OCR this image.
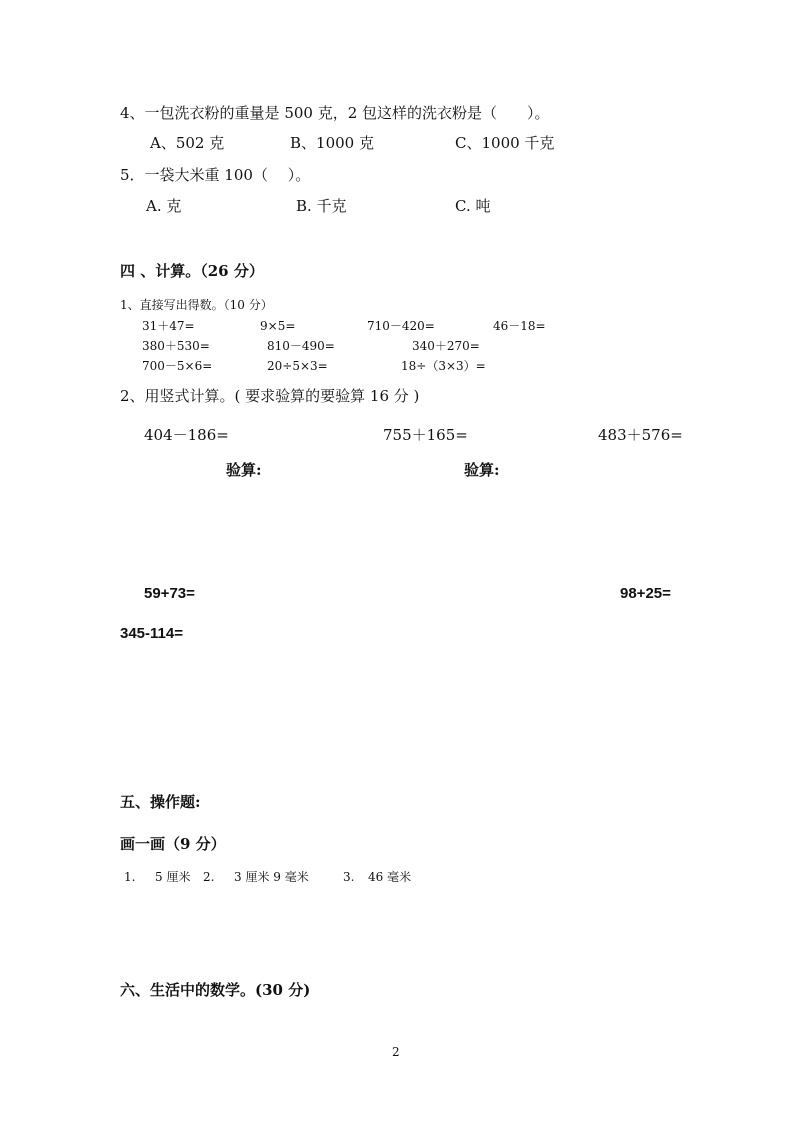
4、一包洗衣粉的重量是 500 克，2 包这样的洗衣粉是（　　）。
A、502 克	B、1000 克	C、1000 千克
5．一袋大米重 100（　 ）。
A. 克	B. 千克	C. 吨
四 、计算。（26 分）
1、直接写出得数。（10 分）
31＋47=	9×5=	710－420=	46－18=
380＋530=	810－490=	340＋270=
700－5×6=	20÷5×3=	18÷（3×3）=
2、用竖式计算。( 要求验算的要验算 16 分 )
404－186=	755＋165=	483＋576=
验算:	验算:
59+73=	98+25=
345-114=
五、操作题:
画一画（9 分）
1. 5 厘米 2. 3 厘米 9 毫米	3. 46 毫米
六、生活中的数学。(30 分)
2
